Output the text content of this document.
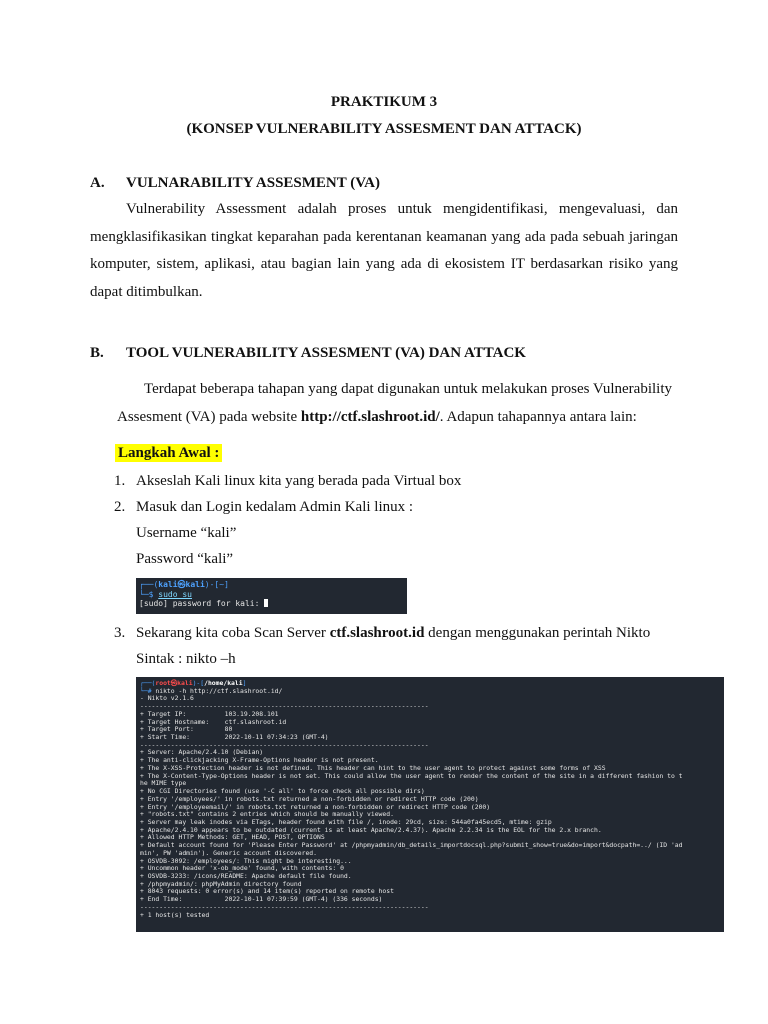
PRAKTIKUM 3
(KONSEP VULNERABILITY ASSESMENT DAN ATTACK)
A. VULNARABILITY ASSESMENT (VA)

Vulnerability Assessment adalah proses untuk mengidentifikasi, mengevaluasi, dan mengklasifikasikan tingkat keparahan pada kerentanan keamanan yang ada pada sebuah jaringan komputer, sistem, aplikasi, atau bagian lain yang ada di ekosistem IT berdasarkan risiko yang dapat ditimbulkan.

B. TOOL VULNERABILITY ASSESMENT (VA) DAN ATTACK
Terdapat beberapa tahapan yang dapat digunakan untuk melakukan proses Vulnerability
Assesment (VA) pada website http://ctf.slashroot.id/. Adapun tahapannya antara lain:
Langkah Awal :
1. Akseslah Kali linux kita yang berada pada Virtual box
2. Masuk dan Login kedalam Admin Kali linux :
Username “kali”
Password “kali”
┌──(kali㉿kali)-[~]
└─$ sudo su
[sudo] password for kali:
3. Sekarang kita coba Scan Server ctf.slashroot.id dengan menggunakan perintah Nikto
Sintak : nikto –h
┌──(root㉿kali)-[/home/kali]
└─# nikto -h http://ctf.slashroot.id/
- Nikto v2.1.6
---------------------------------------------------------------------------
+ Target IP:          103.19.208.101
+ Target Hostname:    ctf.slashroot.id
+ Target Port:        80
+ Start Time:         2022-10-11 07:34:23 (GMT-4)
---------------------------------------------------------------------------
+ Server: Apache/2.4.10 (Debian)
+ The anti-clickjacking X-Frame-Options header is not present.
+ The X-XSS-Protection header is not defined. This header can hint to the user agent to protect against some forms of XSS
+ The X-Content-Type-Options header is not set. This could allow the user agent to render the content of the site in a different fashion to t
he MIME type
+ No CGI Directories found (use '-C all' to force check all possible dirs)
+ Entry '/employees/' in robots.txt returned a non-forbidden or redirect HTTP code (200)
+ Entry '/employeemail/' in robots.txt returned a non-forbidden or redirect HTTP code (200)
+ "robots.txt" contains 2 entries which should be manually viewed.
+ Server may leak inodes via ETags, header found with file /, inode: 29cd, size: 544a0fa45ecd5, mtime: gzip
+ Apache/2.4.10 appears to be outdated (current is at least Apache/2.4.37). Apache 2.2.34 is the EOL for the 2.x branch.
+ Allowed HTTP Methods: GET, HEAD, POST, OPTIONS
+ Default account found for 'Please Enter Password' at /phpmyadmin/db_details_importdocsql.php?submit_show=true&do=import&docpath=../ (ID 'ad
min', PW 'admin'). Generic account discovered.
+ OSVDB-3092: /employees/: This might be interesting...
+ Uncommon header 'x-ob_mode' found, with contents: 0
+ OSVDB-3233: /icons/README: Apache default file found.
+ /phpmyadmin/: phpMyAdmin directory found
+ 8043 requests: 0 error(s) and 14 item(s) reported on remote host
+ End Time:           2022-10-11 07:39:59 (GMT-4) (336 seconds)
---------------------------------------------------------------------------
+ 1 host(s) tested
